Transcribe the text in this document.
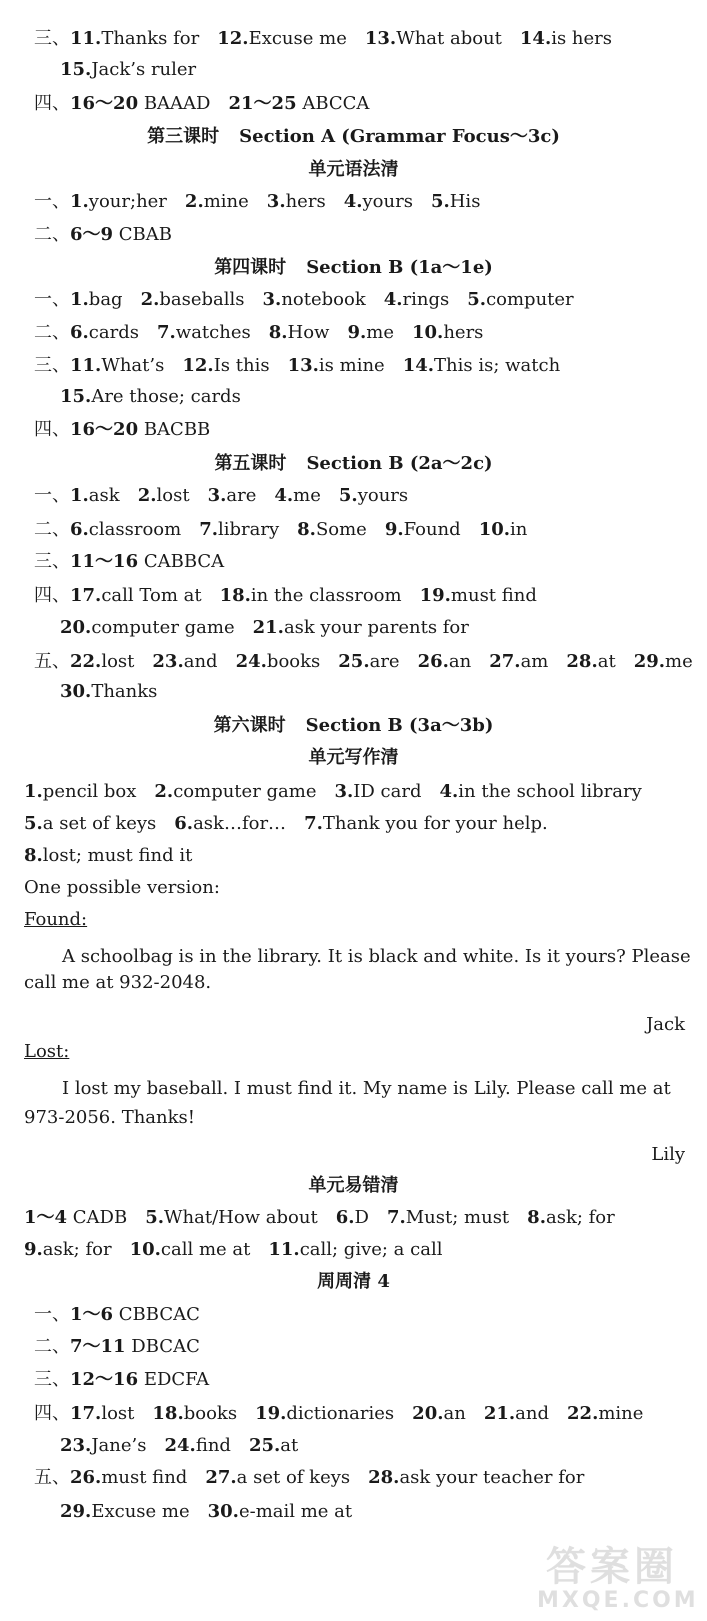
三、11.Thanks for 12.Excuse me 13.What about 14.is hers
15.Jack’s ruler
四、16～20 BAAAD 21～25 ABCCA
第三课时 Section A (Grammar Focus～3c)
单元语法清
一、1.your;her 2.mine 3.hers 4.yours 5.His
二、6～9 CBAB
第四课时 Section B (1a～1e)
一、1.bag 2.baseballs 3.notebook 4.rings 5.computer
二、6.cards 7.watches 8.How 9.me 10.hers
三、11.What’s 12.Is this 13.is mine 14.This is; watch
15.Are those; cards
四、16～20 BACBB
第五课时 Section B (2a～2c)
一、1.ask 2.lost 3.are 4.me 5.yours
二、6.classroom 7.library 8.Some 9.Found 10.in
三、11～16 CABBCA
四、17.call Tom at 18.in the classroom 19.must find
20.computer game 21.ask your parents for
五、22.lost 23.and 24.books 25.are 26.an 27.am 28.at 29.me
30.Thanks
第六课时 Section B (3a～3b)
单元写作清
1.pencil box 2.computer game 3.ID card 4.in the school library
5.a set of keys 6.ask…for… 7.Thank you for your help.
8.lost; must find it
One possible version:
Found:
A schoolbag is in the library. It is black and white. Is it yours? Please
call me at 932-2048.
Jack
Lost:
I lost my baseball. I must find it. My name is Lily. Please call me at
973-2056. Thanks!
Lily
单元易错清
1～4 CADB 5.What/How about 6.D 7.Must; must 8.ask; for
9.ask; for 10.call me at 11.call; give; a call
周周清 4
一、1～6 CBBCAC
二、7～11 DBCAC
三、12～16 EDCFA
四、17.lost 18.books 19.dictionaries 20.an 21.and 22.mine
23.Jane’s 24.find 25.at
五、26.must find 27.a set of keys 28.ask your teacher for
29.Excuse me 30.e-mail me at
答案圈
MXQE.COM
